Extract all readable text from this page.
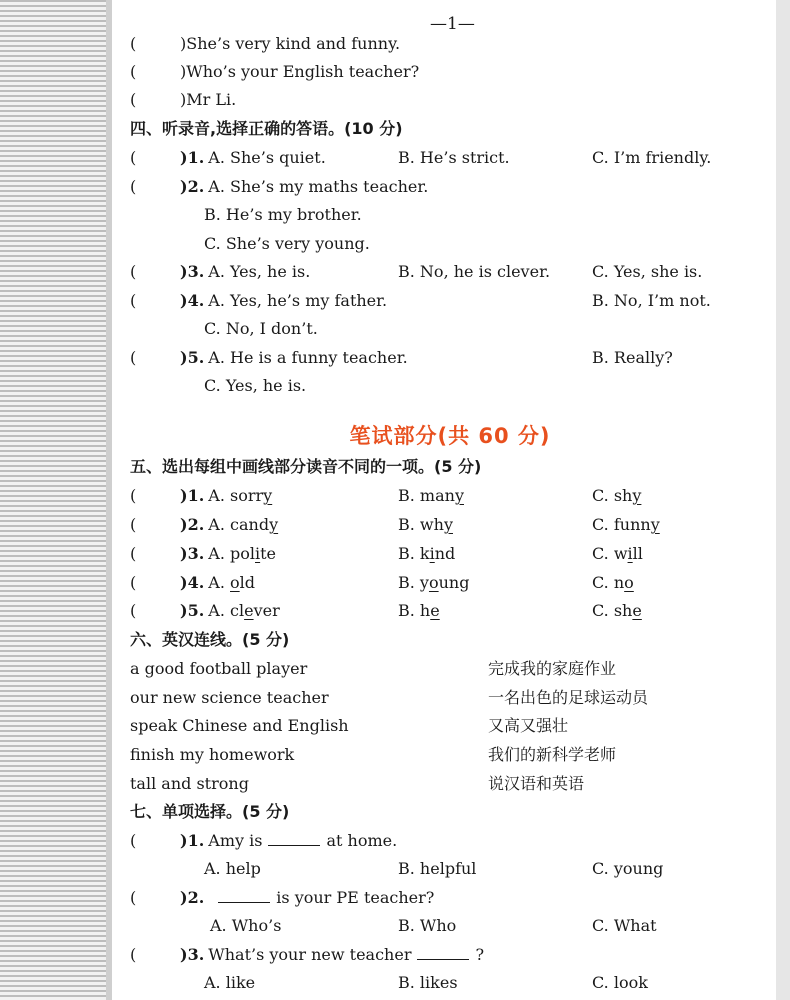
—1—
(	)She’s very kind and funny.
(	)Who’s your English teacher?
(	)Mr Li.
四、听录音,选择正确的答语。(10 分)
(	)1. A. She’s quiet.	B. He’s strict.	C. I’m friendly.
(	)2. A. She’s my maths teacher.
B. He’s my brother.
C. She’s very young.
(	)3. A. Yes, he is.	B. No, he is clever.	C. Yes, she is.
(	)4. A. Yes, he’s my father.	B. No, I’m not.
C. No, I don’t.
(	)5. A. He is a funny teacher.	B. Really?
C. Yes, he is.
笔试部分(共 60 分)
五、选出每组中画线部分读音不同的一项。(5 分)
(	)1. A. sorry	B. many	C. shy
(	)2. A. candy	B. why	C. funny
(	)3. A. polite	B. kind	C. will
(	)4. A. old	B. young	C. no
(	)5. A. clever	B. he	C. she
六、英汉连线。(5 分)
a good football player	完成我的家庭作业
our new science teacher	一名出色的足球运动员
speak Chinese and English	又高又强壮
finish my homework	我们的新科学老师
tall and strong	说汉语和英语
七、单项选择。(5 分)
(	)1. Amy is	at home.
A. help	B. helpful	C. young
(	)2.	is your PE teacher?
A. Who’s	B. Who	C. What
(	)3. What’s your new teacher	?
A. like	B. likes	C. look
